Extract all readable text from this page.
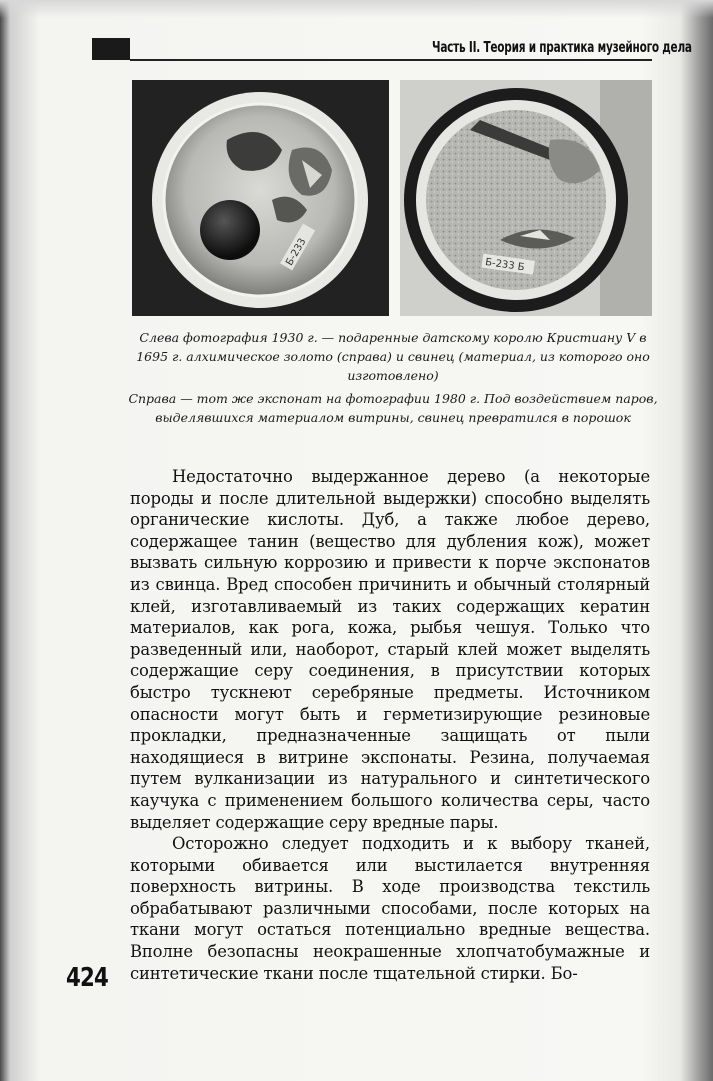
Часть II. Теория и практика музейного дела
Б-233	Б-233 Б
Слева фотография 1930 г. — подаренные датскому королю Кристиану V в 1695 г. алхимическое золото (справа) и свинец (материал, из которого оно изготовлено)
Справа — тот же экспонат на фотографии 1980 г. Под воздействием паров, выделявшихся материалом витрины, свинец превратился в порошок

Недостаточно выдержанное дерево (а некоторые породы и после длительной выдержки) способно выделять органические кислоты. Дуб, а также любое дерево, содержащее танин (вещество для дубления кож), может вызвать сильную коррозию и привести к порче экспонатов из свинца. Вред способен причинить и обычный столярный клей, изготавливаемый из таких содержащих кератин материалов, как рога, кожа, рыбья чешуя. Только что разведенный или, наоборот, старый клей может выделять содержащие серу соединения, в присутствии которых быстро тускнеют серебряные предметы. Источником опасности могут быть и герметизирующие резиновые прокладки, предназначенные защищать от пыли находящиеся в витрине экспонаты. Резина, получаемая путем вулканизации из натурального и синтетического каучука с применением большого количества серы, часто выделяет содержащие серу вредные пары.

Осторожно следует подходить и к выбору тканей, которыми обивается или выстилается внутренняя поверхность витрины. В ходе производства текстиль обрабатывают различными способами, после которых на ткани могут остаться потенциально вредные вещества. Вполне безопасны неокрашенные хлопчатобумажные и синтетические ткани после тщательной стирки. Бо-

424
